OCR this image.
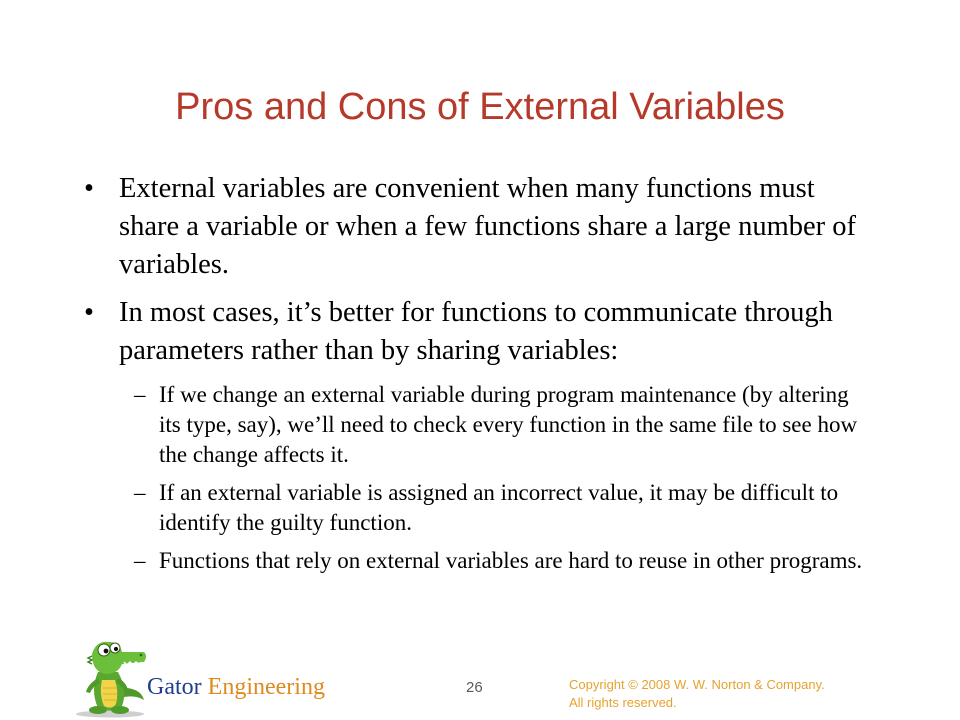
Pros and Cons of External Variables
• External variables are convenient when many functions must share a variable or when a few functions share a large number of variables.
• In most cases, it’s better for functions to communicate through parameters rather than by sharing variables:
– If we change an external variable during program maintenance (by altering its type, say), we’ll need to check every function in the same file to see how the change affects it.
– If an external variable is assigned an incorrect value, it may be difficult to identify the guilty function.
– Functions that rely on external variables are hard to reuse in other programs.
Gator Engineering	26	Copyright © 2008 W. W. Norton & Company.
All rights reserved.
